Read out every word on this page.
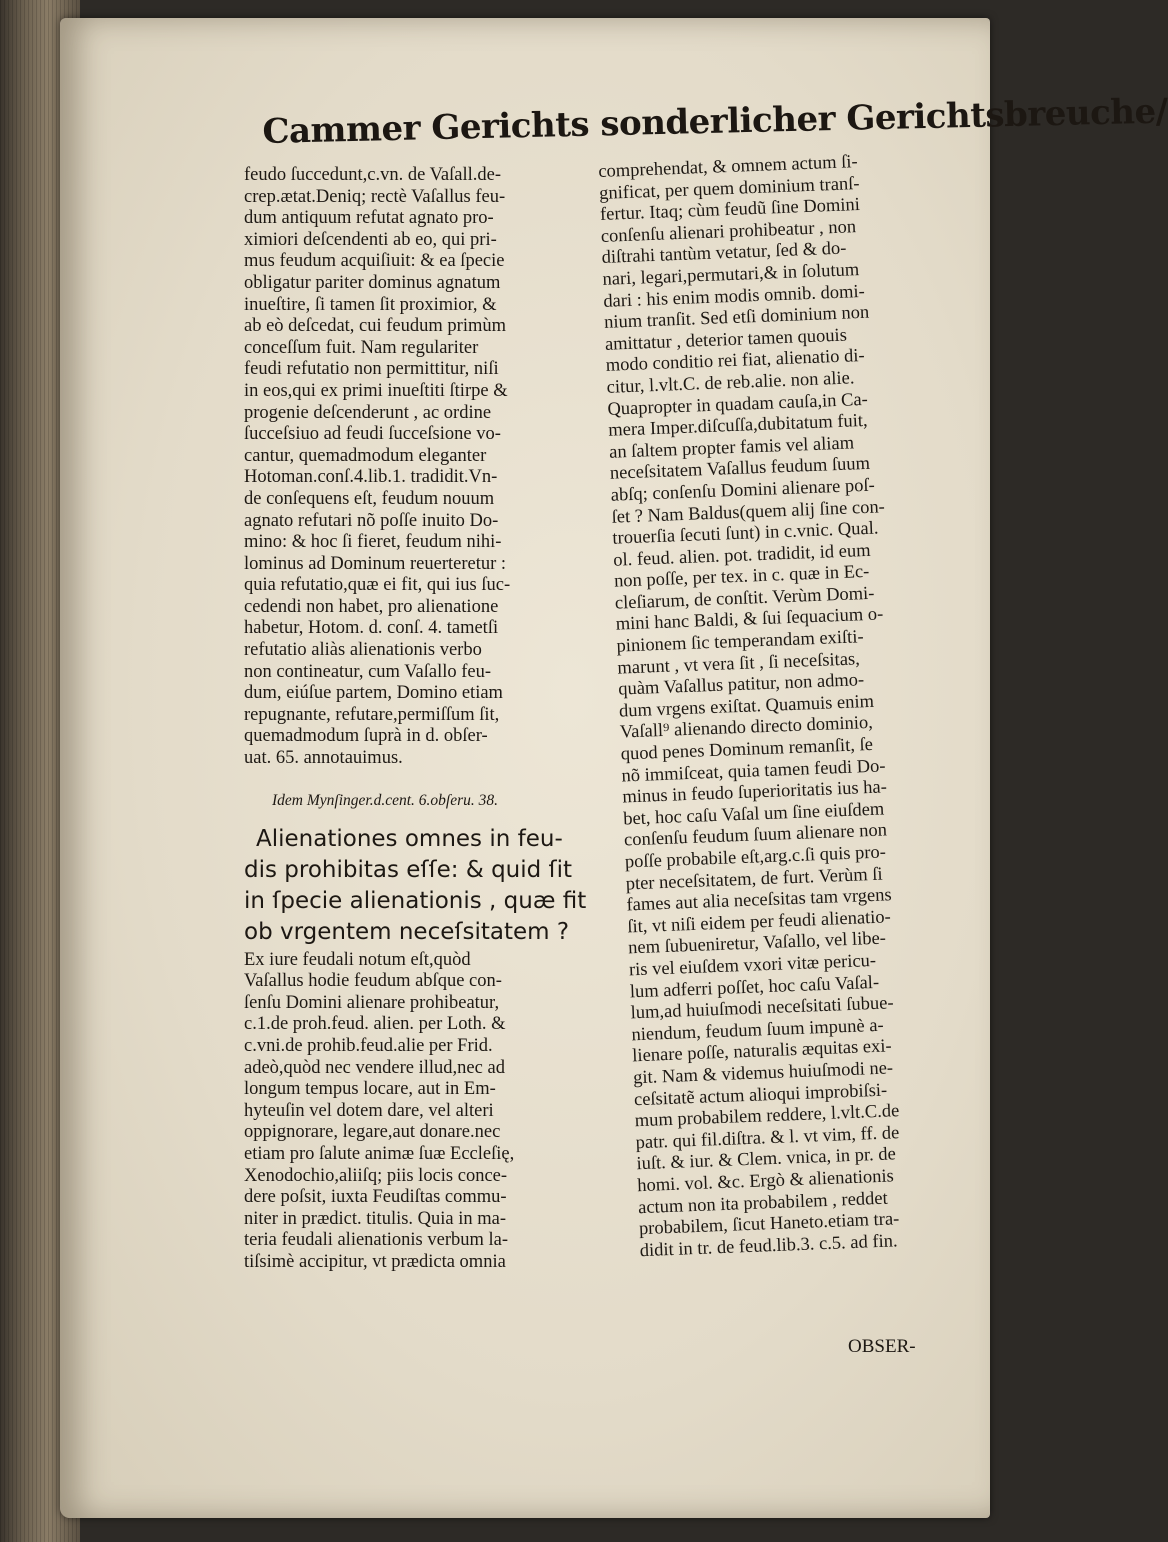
Cammer Gerichts sonderlicher Gerichtsbreuche/
feudo ſuccedunt,c.vn. de Vaſall.de-
crep.ætat.Deniq; rectè Vaſallus feu-
dum antiquum refutat agnato pro-
ximiori deſcendenti ab eo, qui pri-
mus feudum acquiſiuit: & ea ſpecie
obligatur pariter dominus agnatum
inueſtire, ſi tamen ſit proximior, &
ab eò deſcedat, cui feudum primùm
conceſſum fuit. Nam regulariter
feudi refutatio non permittitur, niſi
in eos,qui ex primi inueſtiti ſtirpe &
progenie deſcenderunt , ac ordine
ſucceſsiuo ad feudi ſucceſsione vo-
cantur, quemadmodum eleganter
Hotoman.conſ.4.lib.1. tradidit.Vn-
de conſequens eſt, feudum nouum
agnato refutari nõ poſſe inuito Do-
mino: & hoc ſi fieret, feudum nihi-
lominus ad Dominum reuerteretur :
quia refutatio,quæ ei fit, qui ius ſuc-
cedendi non habet, pro alienatione
habetur, Hotom. d. conſ. 4. tametſi
refutatio aliàs alienationis verbo
non contineatur, cum Vaſallo feu-
dum, eiúſue partem, Domino etiam
repugnante, refutare,permiſſum ſit,
quemadmodum ſuprà in d. obſer-
uat. 65. annotauimus.
Idem Mynſinger.d.cent. 6.obſeru. 38.
Alienationes omnes in feu-
dis prohibitas eſſe: & quid ſit
in ſpecie alienationis , quæ fit
ob vrgentem neceſsitatem ?
Ex iure feudali notum eſt,quòd
Vaſallus hodie feudum abſque con-
ſenſu Domini alienare prohibeatur,
c.1.de proh.feud. alien. per Loth. &
c.vni.de prohib.feud.alie per Frid.
adeò,quòd nec vendere illud,nec ad
longum tempus locare, aut in Em-
hyteuſin vel dotem dare, vel alteri
oppignorare, legare,aut donare.nec
etiam pro ſalute animæ ſuæ Eccleſię,
Xenodochio,aliiſq; piis locis conce-
dere poſsit, iuxta Feudiſtas commu-
niter in prædict. titulis. Quia in ma-
teria feudali alienationis verbum la-
tiſsimè accipitur, vt prædicta omnia
comprehendat, & omnem actum ſi-
gnificat, per quem dominium tranſ-
fertur. Itaq; cùm feudũ ſine Domini
conſenſu alienari prohibeatur , non
diſtrahi tantùm vetatur, ſed & do-
nari, legari,permutari,& in ſolutum
dari : his enim modis omnib. domi-
nium tranſit. Sed etſi dominium non
amittatur , deterior tamen quouis
modo conditio rei fiat, alienatio di-
citur, l.vlt.C. de reb.alie. non alie.
Quapropter in quadam cauſa,in Ca-
mera Imper.diſcuſſa,dubitatum fuit,
an ſaltem propter famis vel aliam
neceſsitatem Vaſallus feudum ſuum
abſq; conſenſu Domini alienare poſ-
ſet ? Nam Baldus(quem alij ſine con-
trouerſia ſecuti ſunt) in c.vnic. Qual.
ol. feud. alien. pot. tradidit, id eum
non poſſe, per tex. in c. quæ in Ec-
cleſiarum, de conſtit. Verùm Domi-
mini hanc Baldi, & ſui ſequacium o-
pinionem ſic temperandam exiſti-
marunt , vt vera ſit , ſi neceſsitas,
quàm Vaſallus patitur, non admo-
dum vrgens exiſtat. Quamuis enim
Vaſall⁹ alienando directo dominio,
quod penes Dominum remanſit, ſe
nõ immiſceat, quia tamen feudi Do-
minus in feudo ſuperioritatis ius ha-
bet, hoc caſu Vaſal um ſine eiuſdem
conſenſu feudum ſuum alienare non
poſſe probabile eſt,arg.c.ſi quis pro-
pter neceſsitatem, de furt. Verùm ſi
fames aut alia neceſsitas tam vrgens
ſit, vt niſi eidem per feudi alienatio-
nem ſubueniretur, Vaſallo, vel libe-
ris vel eiuſdem vxori vitæ pericu-
lum adferri poſſet, hoc caſu Vaſal-
lum,ad huiuſmodi neceſsitati ſubue-
niendum, feudum ſuum impunè a-
lienare poſſe, naturalis æquitas exi-
git. Nam & videmus huiuſmodi ne-
ceſsitatẽ actum alioqui improbiſsi-
mum probabilem reddere, l.vlt.C.de
patr. qui fil.diſtra. & l. vt vim, ff. de
iuſt. & iur. & Clem. vnica, in pr. de
homi. vol. &c. Ergò & alienationis
actum non ita probabilem , reddet
probabilem, ſicut Haneto.etiam tra-
didit in tr. de feud.lib.3. c.5. ad fin.
OBSER-
